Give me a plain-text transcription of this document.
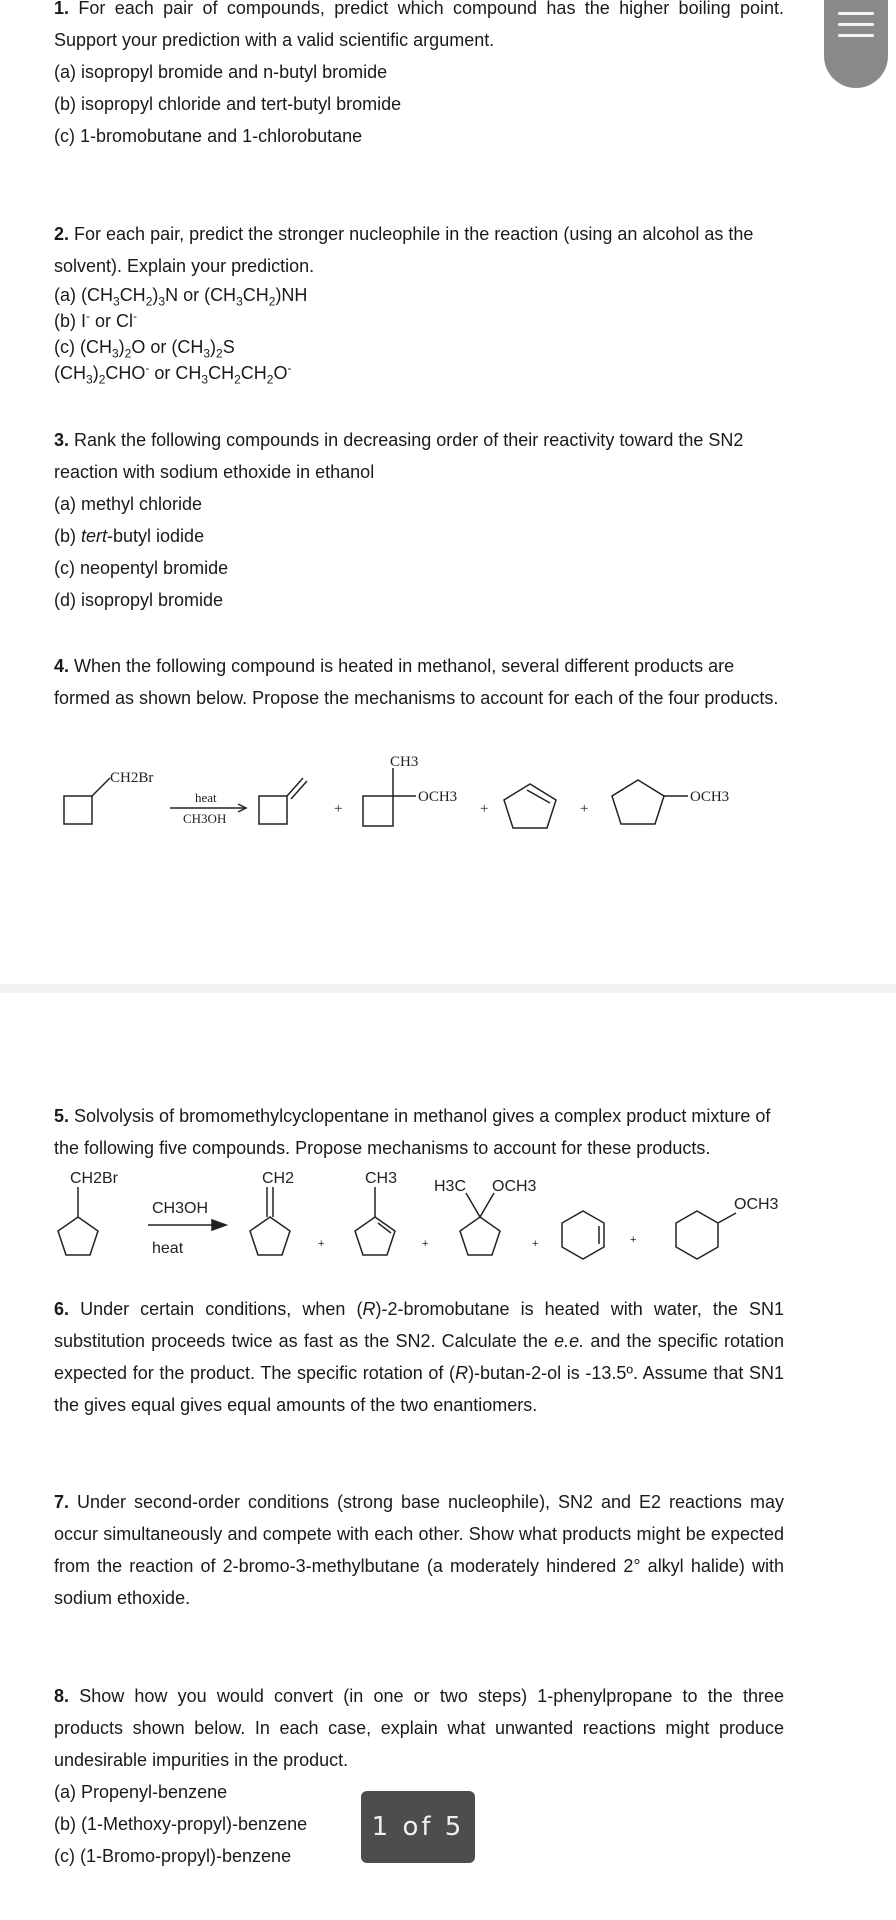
1. For each pair of compounds, predict which compound has the higher boiling point. Support your prediction with a valid scientific argument.

(a) isopropyl bromide and n-butyl bromide

(b) isopropyl chloride and tert-butyl bromide

(c) 1-bromobutane and 1-chlorobutane

2. For each pair, predict the stronger nucleophile in the reaction (using an alcohol as the solvent). Explain your prediction.

(a) $(CH_3CH_2)_3N$ or $(CH_3CH_2)NH$

(b) I- or Cl-

(c) $(CH_3)_2O$ or $(CH_3)_2S$

$(CH_3)_2CHO^-$ or $CH_3CH_2CH_2O^-$

3. Rank the following compounds in decreasing order of their reactivity toward the SN2 reaction with sodium ethoxide in ethanol

(a) methyl chloride

(b) tert-butyl iodide

(c) neopentyl bromide

(d) isopropyl bromide

4. When the following compound is heated in methanol, several different products are formed as shown below. Propose the mechanisms to account for each of the four products.

CH2Br
heat
CH3OH
+
CH3
OCH3
+	+
OCH3

5. Solvolysis of bromomethylcyclopentane in methanol gives a complex product mixture of the following five compounds. Propose mechanisms to account for these products.

CH2Br
CH3OH
heat
CH2
+
CH3
+
H3C OCH3
+	+
OCH3

6. Under certain conditions, when (R)-2-bromobutane is heated with water, the SN1 substitution proceeds twice as fast as the SN2. Calculate the e.e. and the specific rotation expected for the product. The specific rotation of (R)-butan-2-ol is -13.5º. Assume that SN1 the gives equal gives equal amounts of the two enantiomers.

7. Under second-order conditions (strong base nucleophile), SN2 and E2 reactions may occur simultaneously and compete with each other. Show what products might be expected from the reaction of 2-bromo-3-methylbutane (a moderately hindered 2° alkyl halide) with sodium ethoxide.

8. Show how you would convert (in one or two steps) 1-phenylpropane to the three products shown below. In each case, explain what unwanted reactions might produce undesirable impurities in the product.

(a) Propenyl-benzene

(b) (1-Methoxy-propyl)-benzene

(c) (1-Bromo-propyl)-benzene

1 of 5
